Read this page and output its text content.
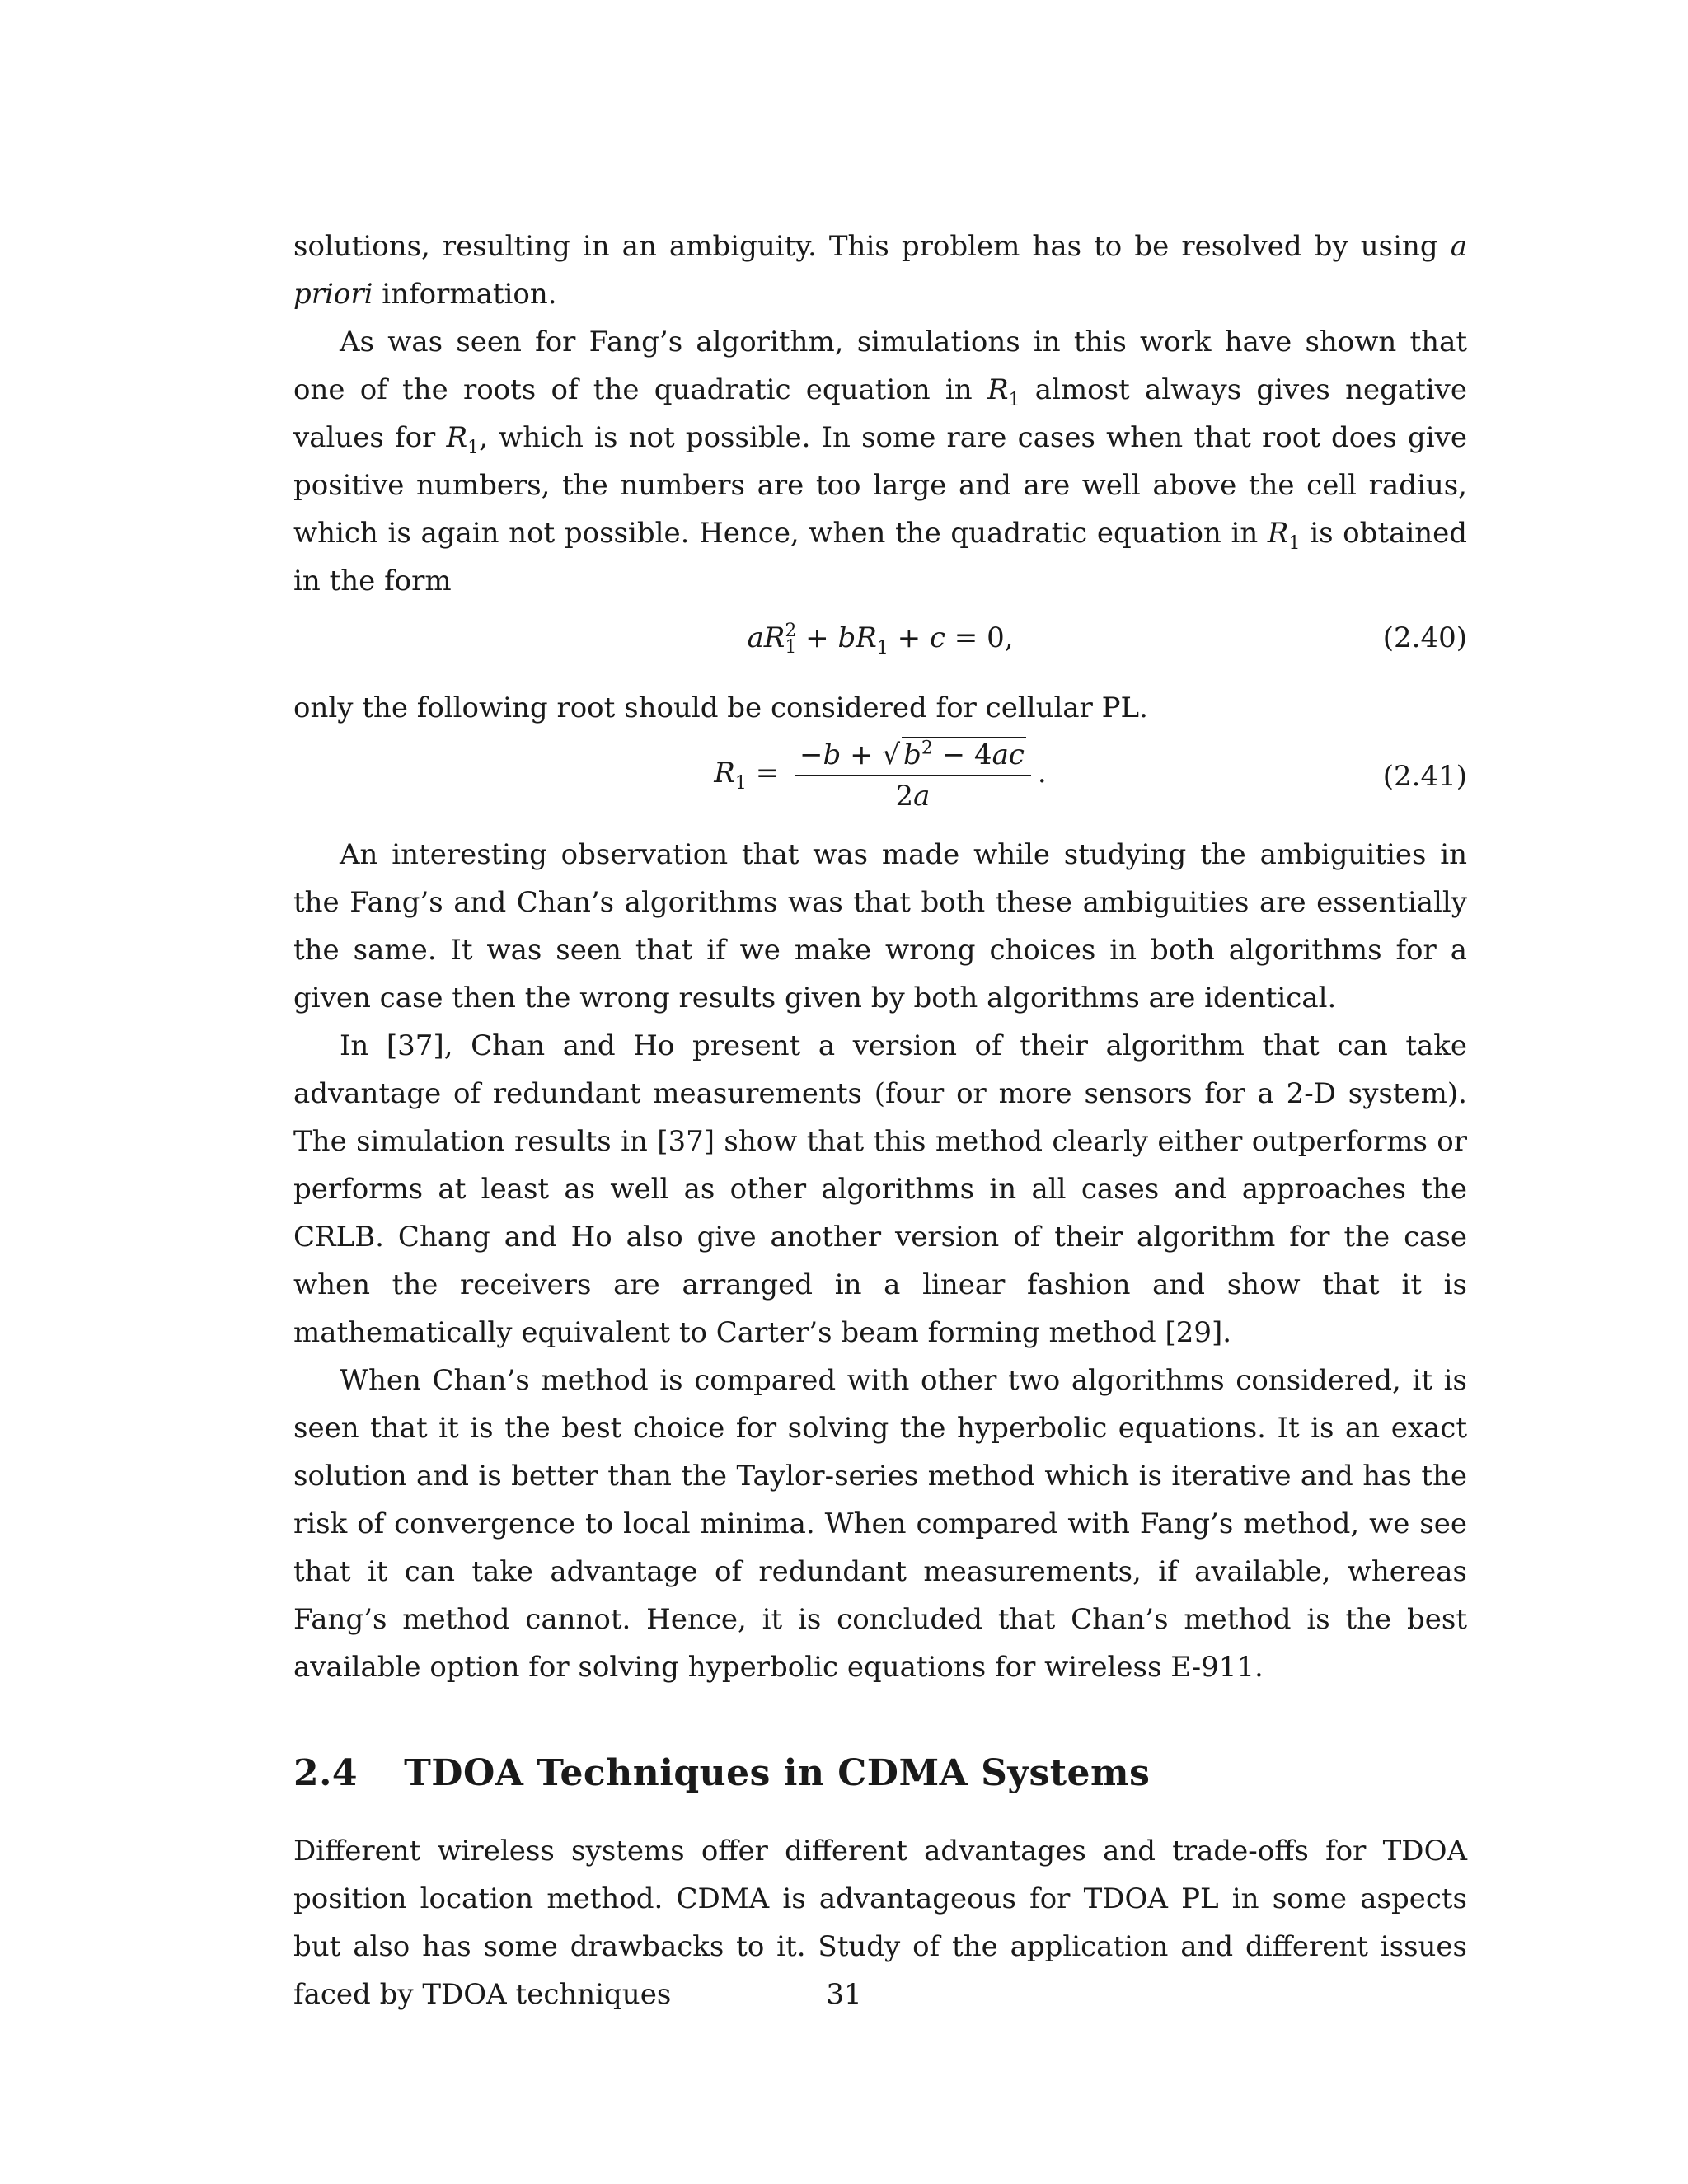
solutions, resulting in an ambiguity. This problem has to be resolved by using a priori information.

As was seen for Fang’s algorithm, simulations in this work have shown that one of the roots of the quadratic equation in $R_1$ almost always gives negative values for $R_1$, which is not possible. In some rare cases when that root does give positive numbers, the numbers are too large and are well above the cell radius, which is again not possible. Hence, when the quadratic equation in $R_1$ is obtained in the form

aR 2
$1 + bR_1 + c = 0$,	(2.40)

only the following root should be considered for cellular PL.

$R_1 = \frac{-b + √ b^2 - 4ac}{2a}$ .	(2.41)

An interesting observation that was made while studying the ambiguities in the Fang’s and Chan’s algorithms was that both these ambiguities are essentially the same. It was seen that if we make wrong choices in both algorithms for a given case then the wrong results given by both algorithms are identical.

In [37], Chan and Ho present a version of their algorithm that can take advantage of redundant measurements (four or more sensors for a 2-D system). The simulation results in [37] show that this method clearly either outperforms or performs at least as well as other algorithms in all cases and approaches the CRLB. Chang and Ho also give another version of their algorithm for the case when the receivers are arranged in a linear fashion and show that it is mathematically equivalent to Carter’s beam forming method [29].

When Chan’s method is compared with other two algorithms considered, it is seen that it is the best choice for solving the hyperbolic equations. It is an exact solution and is better than the Taylor-series method which is iterative and has the risk of convergence to local minima. When compared with Fang’s method, we see that it can take advantage of redundant measurements, if available, whereas Fang’s method cannot. Hence, it is concluded that Chan’s method is the best available option for solving hyperbolic equations for wireless E-911.

2.4 TDOA Techniques in CDMA Systems

Different wireless systems offer different advantages and trade-offs for TDOA position location method. CDMA is advantageous for TDOA PL in some aspects but also has some drawbacks to it. Study of the application and different issues faced by TDOA techniques	31
